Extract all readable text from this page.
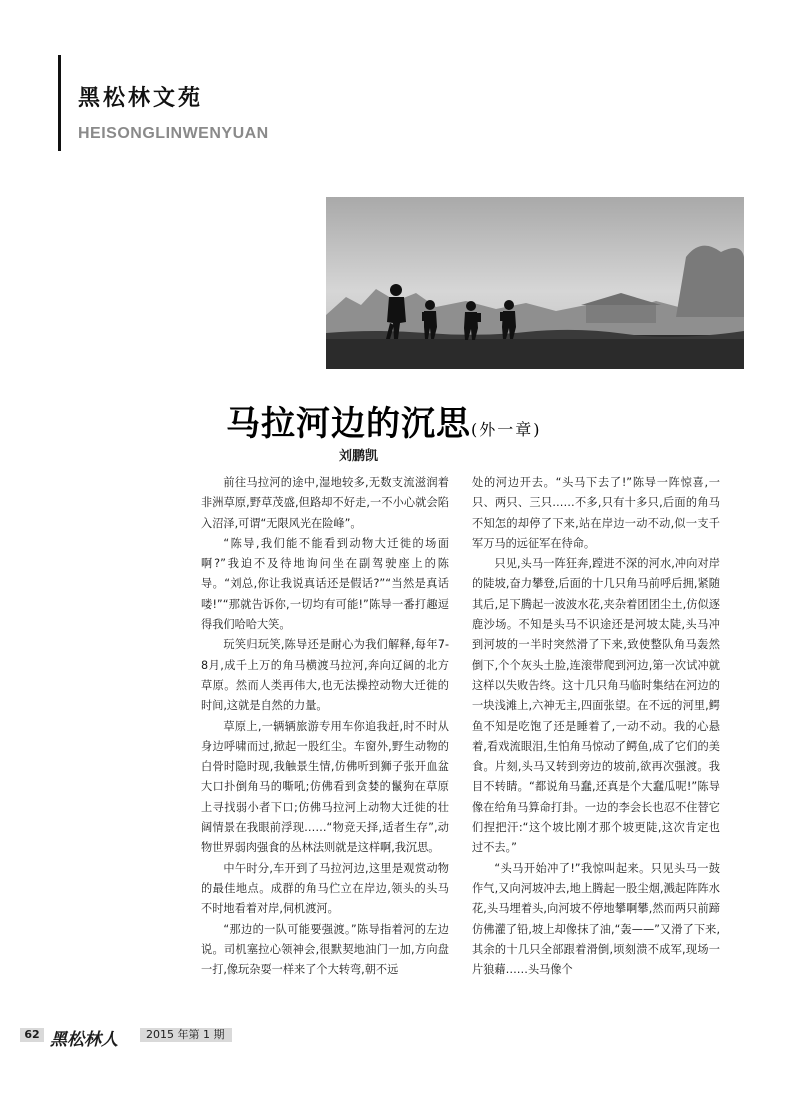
黑松林文苑
HEISONGLINWENYUAN
马拉河边的沉思(外一章)
刘鹏凯

前往马拉河的途中,湿地较多,无数支流滋润着非洲草原,野草茂盛,但路却不好走,一不小心就会陷入沼泽,可谓“无限风光在险峰”。

“陈导,我们能不能看到动物大迁徙的场面啊?”我迫不及待地询问坐在副驾驶座上的陈导。“刘总,你让我说真话还是假话?”“当然是真话喽!”“那就告诉你,一切均有可能!”陈导一番打趣逗得我们哈哈大笑。

玩笑归玩笑,陈导还是耐心为我们解释,每年7-8月,成千上万的角马横渡马拉河,奔向辽阔的北方草原。然而人类再伟大,也无法操控动物大迁徙的时间,这就是自然的力量。

草原上,一辆辆旅游专用车你追我赶,时不时从身边呼啸而过,掀起一股红尘。车窗外,野生动物的白骨时隐时现,我触景生情,仿佛听到狮子张开血盆大口扑倒角马的嘶吼;仿佛看到贪婪的鬣狗在草原上寻找弱小者下口;仿佛马拉河上动物大迁徙的壮阔情景在我眼前浮现……“物竞天择,适者生存”,动物世界弱肉强食的丛林法则就是这样啊,我沉思。

中午时分,车开到了马拉河边,这里是观赏动物的最佳地点。成群的角马伫立在岸边,领头的头马不时地看着对岸,伺机渡河。

“那边的一队可能要强渡。”陈导指着河的左边说。司机塞拉心领神会,很默契地油门一加,方向盘一打,像玩杂耍一样来了个大转弯,朝不远

处的河边开去。“头马下去了!”陈导一阵惊喜,一只、两只、三只……不多,只有十多只,后面的角马不知怎的却停了下来,站在岸边一动不动,似一支千军万马的远征军在待命。

只见,头马一阵狂奔,蹚进不深的河水,冲向对岸的陡坡,奋力攀登,后面的十几只角马前呼后拥,紧随其后,足下腾起一波波水花,夹杂着团团尘土,仿似逐鹿沙场。不知是头马不识途还是河坡太陡,头马冲到河坡的一半时突然滑了下来,致使整队角马轰然倒下,个个灰头土脸,连滚带爬到河边,第一次试冲就这样以失败告终。这十几只角马临时集结在河边的一块浅滩上,六神无主,四面张望。在不远的河里,鳄鱼不知是吃饱了还是睡着了,一动不动。我的心悬着,看戏流眼泪,生怕角马惊动了鳄鱼,成了它们的美食。片刻,头马又转到旁边的坡前,欲再次强渡。我目不转睛。“都说角马蠢,还真是个大蠢瓜呢!”陈导像在给角马算命打卦。一边的李会长也忍不住替它们捏把汗:“这个坡比刚才那个坡更陡,这次肯定也过不去。”

“头马开始冲了!”我惊叫起来。只见头马一鼓作气,又向河坡冲去,地上腾起一股尘烟,溅起阵阵水花,头马埋着头,向河坡不停地攀啊攀,然而两只前蹄仿佛灌了铅,坡上却像抹了油,“轰——”又滑了下来,其余的十几只全部跟着滑倒,顷刻溃不成军,现场一片狼藉……头马像个

62 黑松林人	2015 年第 1 期
